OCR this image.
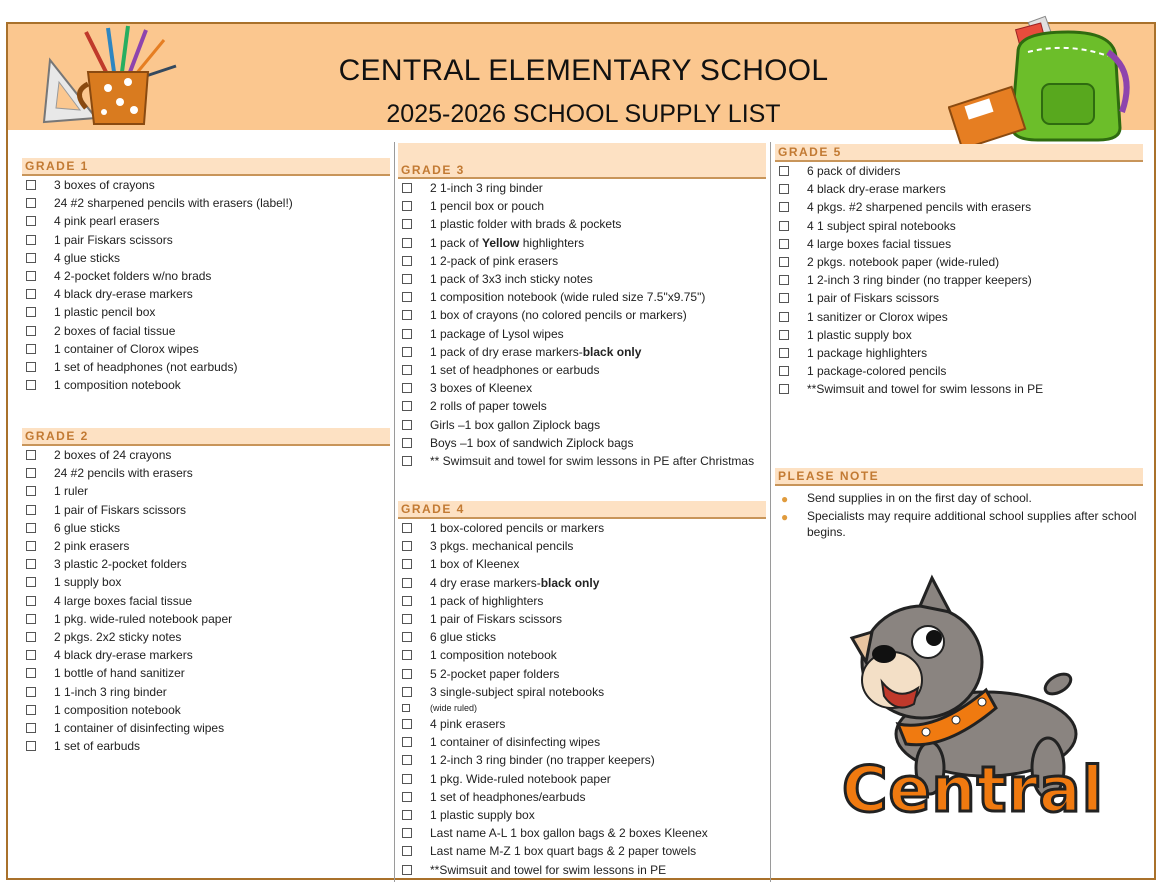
CENTRAL ELEMENTARY SCHOOL
2025-2026 SCHOOL SUPPLY LIST
GRADE 1
3 boxes of crayons
24 #2 sharpened pencils with erasers (label!)
4 pink pearl erasers
1 pair Fiskars scissors
4 glue sticks
4 2-pocket folders w/no brads
4 black dry-erase markers
1 plastic pencil box
2 boxes of facial tissue
1 container of Clorox wipes
1 set of headphones (not earbuds)
1 composition notebook
GRADE 2
2 boxes of 24 crayons
24 #2 pencils with erasers
1 ruler
1 pair of Fiskars scissors
6 glue sticks
2 pink erasers
3 plastic 2-pocket folders
1 supply box
4 large boxes facial tissue
1 pkg. wide-ruled notebook paper
2 pkgs. 2x2 sticky notes
4 black dry-erase markers
1 bottle of hand sanitizer
1 1-inch 3 ring binder
1 composition notebook
1 container of disinfecting wipes
1 set of earbuds
GRADE 3
2 1-inch 3 ring binder
1 pencil box or pouch
1 plastic folder with brads & pockets
1 pack of Yellow highlighters
1 2-pack of pink erasers
1 pack of 3x3 inch sticky notes
1 composition notebook (wide ruled size 7.5"x9.75")
1 box of crayons (no colored pencils or markers)
1 package of Lysol wipes
1 pack of dry erase markers-black only
1 set of headphones or earbuds
3 boxes of Kleenex
2 rolls of paper towels
Girls –1 box gallon Ziplock bags
Boys –1 box of sandwich Ziplock bags
** Swimsuit and towel for swim lessons in PE after Christmas
GRADE 4
1 box-colored pencils or markers
3 pkgs. mechanical pencils
1 box of Kleenex
4 dry erase markers-black only
1 pack of highlighters
1 pair of Fiskars scissors
6 glue sticks
1 composition notebook
5 2-pocket paper folders
3 single-subject spiral notebooks
(wide ruled)
4 pink erasers
1 container of disinfecting wipes
1 2-inch 3 ring binder (no trapper keepers)
1 pkg. Wide-ruled notebook paper
1 set of headphones/earbuds
1 plastic supply box
Last name A-L 1 box gallon bags & 2 boxes Kleenex
Last name M-Z 1 box quart bags & 2 paper towels
**Swimsuit and towel for swim lessons in PE
GRADE 5
6 pack of dividers
4 black dry-erase markers
4 pkgs. #2 sharpened pencils with erasers
4 1 subject spiral notebooks
4 large boxes facial tissues
2 pkgs. notebook paper (wide-ruled)
1 2-inch 3 ring binder (no trapper keepers)
1 pair of Fiskars scissors
1 sanitizer or Clorox wipes
1 plastic supply box
1 package highlighters
1 package-colored pencils
**Swimsuit and towel for swim lessons in PE
PLEASE NOTE
● Send supplies in on the first day of school.
● Specialists may require additional school supplies after school begins.
Central
